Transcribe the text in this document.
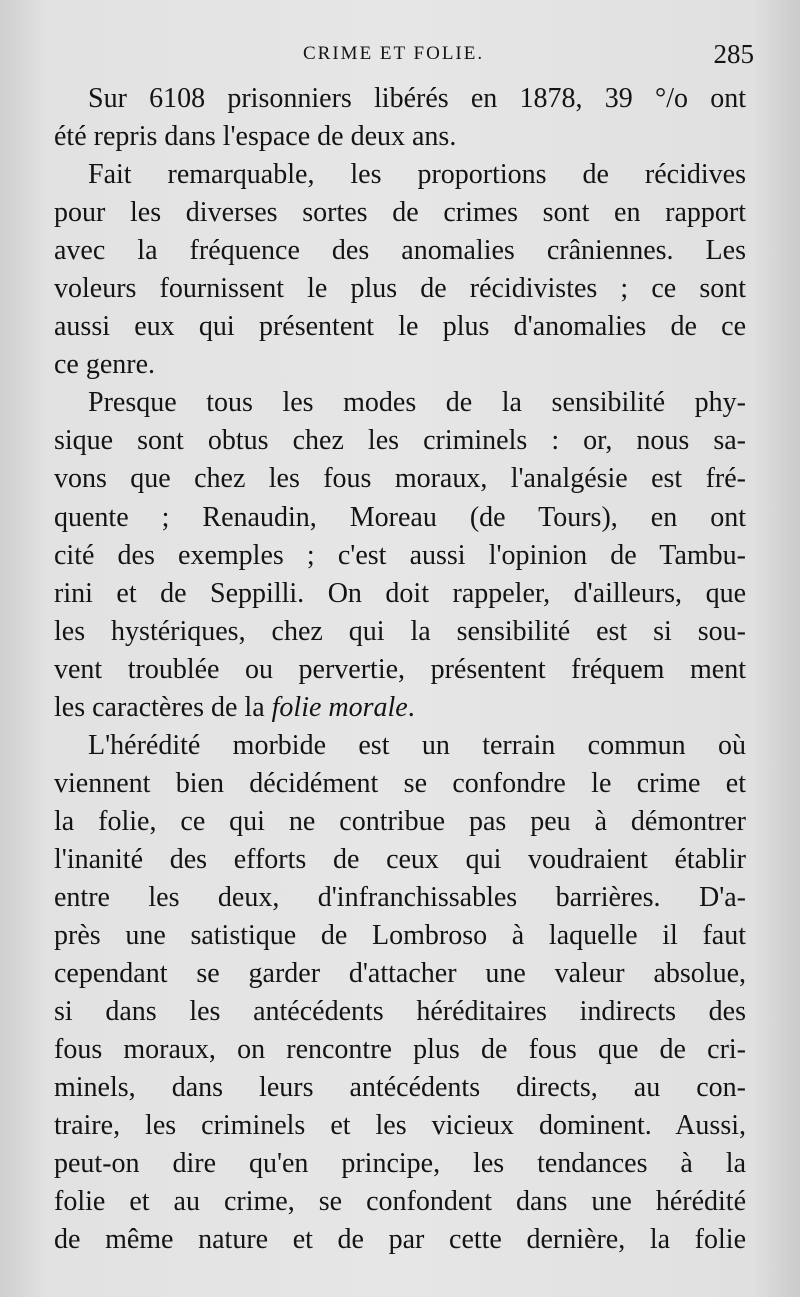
CRIME ET FOLIE.	285
Sur 6108 prisonniers libérés en 1878, 39 °/o ont
été repris dans l'espace de deux ans.
Fait remarquable, les proportions de récidives
pour les diverses sortes de crimes sont en rapport
avec la fréquence des anomalies crâniennes. Les
voleurs fournissent le plus de récidivistes ; ce sont
aussi eux qui présentent le plus d'anomalies de ce
ce genre.
Presque tous les modes de la sensibilité phy-
sique sont obtus chez les criminels : or, nous sa-
vons que chez les fous moraux, l'analgésie est fré-
quente ; Renaudin, Moreau (de Tours), en ont
cité des exemples ; c'est aussi l'opinion de Tambu-
rini et de Seppilli. On doit rappeler, d'ailleurs, que
les hystériques, chez qui la sensibilité est si sou-
vent troublée ou pervertie, présentent fréquem ment
les caractères de la folie morale.
L'hérédité morbide est un terrain commun où
viennent bien décidément se confondre le crime et
la folie, ce qui ne contribue pas peu à démontrer
l'inanité des efforts de ceux qui voudraient établir
entre les deux, d'infranchissables barrières. D'a-
près une satistique de Lombroso à laquelle il faut
cependant se garder d'attacher une valeur absolue,
si dans les antécédents héréditaires indirects des
fous moraux, on rencontre plus de fous que de cri-
minels, dans leurs antécédents directs, au con-
traire, les criminels et les vicieux dominent. Aussi,
peut-on dire qu'en principe, les tendances à la
folie et au crime, se confondent dans une hérédité
de même nature et de par cette dernière, la folie
